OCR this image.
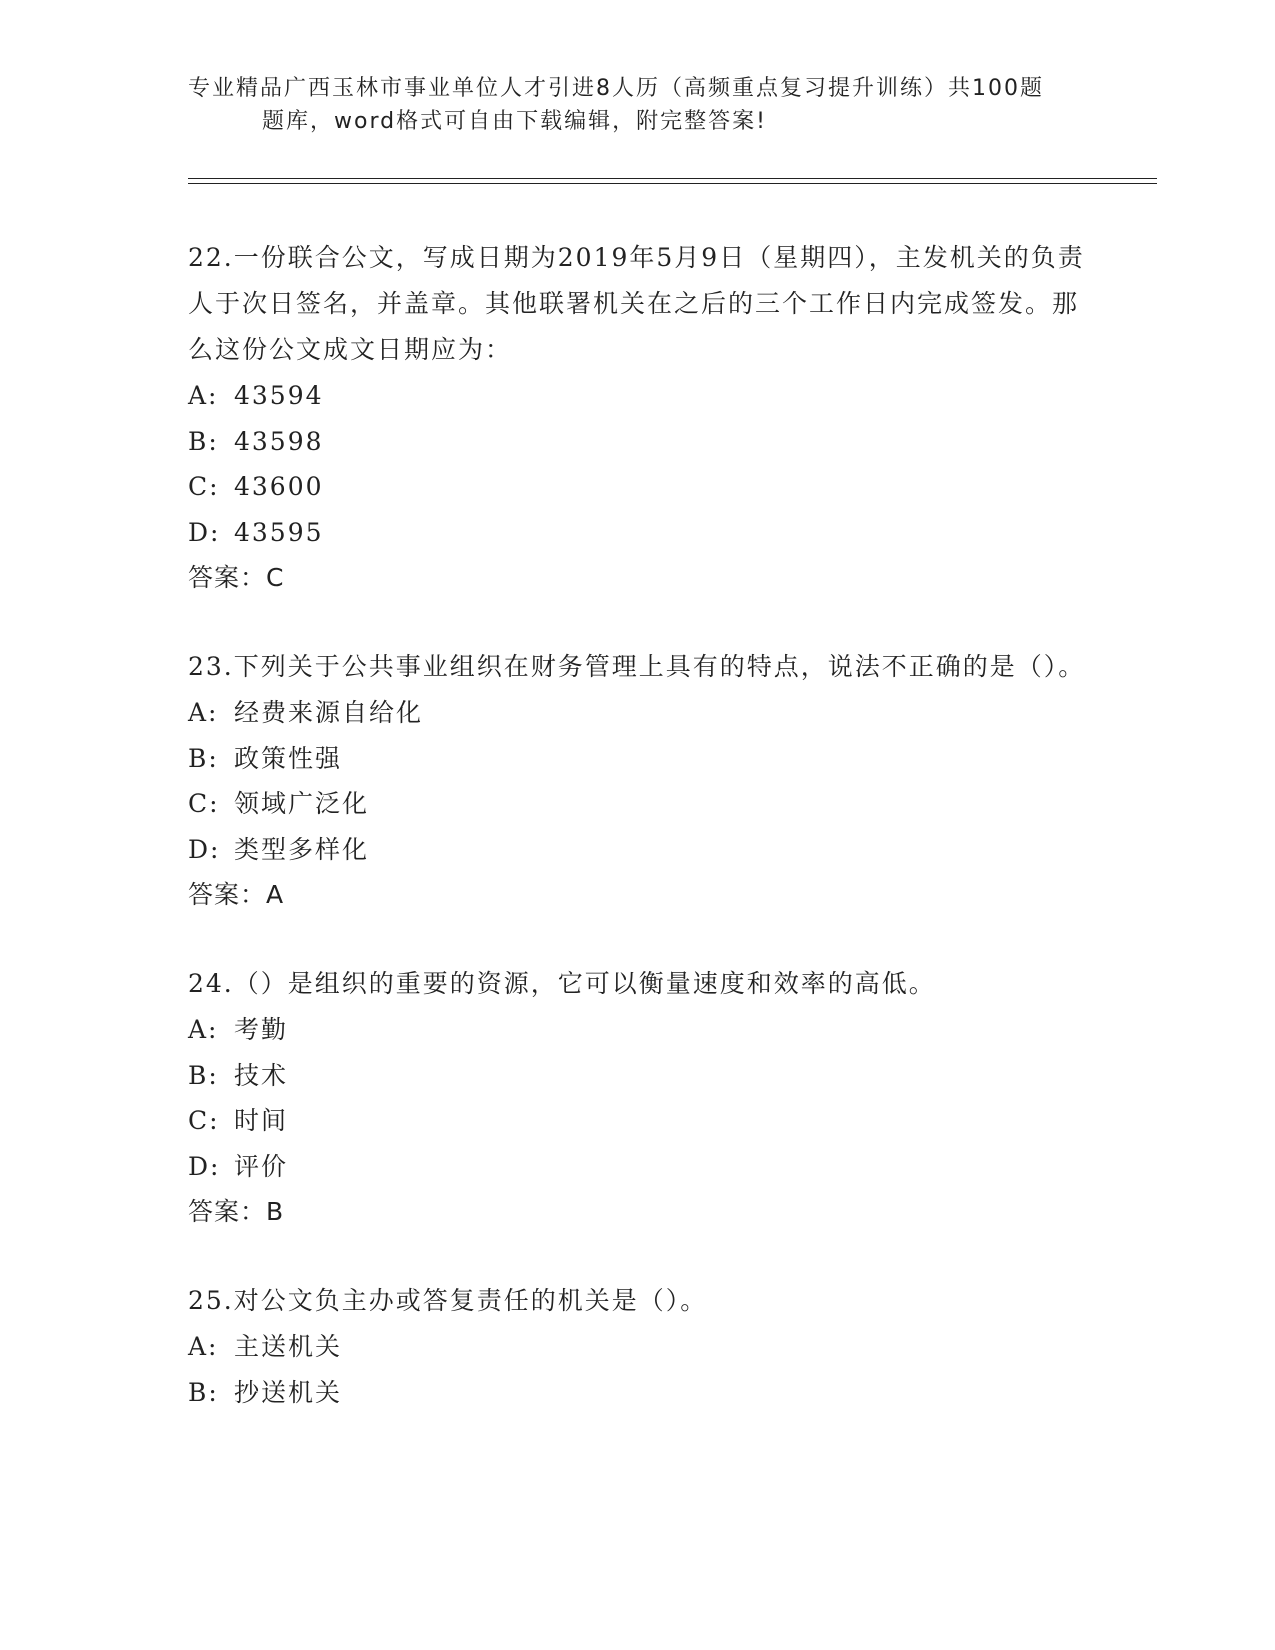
专业精品广西玉林市事业单位人才引进8人历（高频重点复习提升训练）共100题
题库，word格式可自由下载编辑，附完整答案!
22.一份联合公文，写成日期为2019年5月9日（星期四），主发机关的负责人于次日签名，并盖章。其他联署机关在之后的三个工作日内完成签发。那么这份公文成文日期应为：
A: 43594
B: 43598
C: 43600
D: 43595
答案：C
23.下列关于公共事业组织在财务管理上具有的特点，说法不正确的是（）。
A: 经费来源自给化
B: 政策性强
C: 领域广泛化
D: 类型多样化
答案：A
24.（）是组织的重要的资源，它可以衡量速度和效率的高低。
A: 考勤
B: 技术
C: 时间
D: 评价
答案：B
25.对公文负主办或答复责任的机关是（）。
A: 主送机关
B: 抄送机关
